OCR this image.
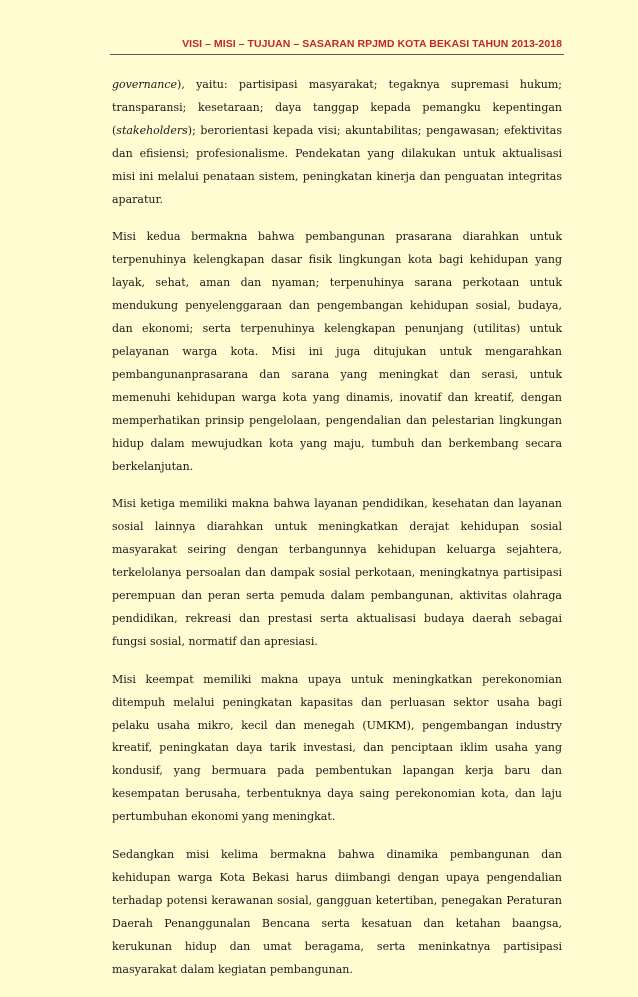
VISI – MISI – TUJUAN – SASARAN RPJMD KOTA BEKASI TAHUN 2013-2018

governance), yaitu: partisipasi masyarakat; tegaknya supremasi hukum; transparansi; kesetaraan; daya tanggap kepada pemangku kepentingan (stakeholders); berorientasi kepada visi; akuntabilitas; pengawasan; efektivitas dan efisiensi; profesionalisme. Pendekatan yang dilakukan untuk aktualisasi misi ini melalui penataan sistem, peningkatan kinerja dan penguatan integritas aparatur.

Misi kedua bermakna bahwa pembangunan prasarana diarahkan untuk terpenuhinya kelengkapan dasar fisik lingkungan kota bagi kehidupan yang layak, sehat, aman dan nyaman; terpenuhinya sarana perkotaan untuk mendukung penyelenggaraan dan pengembangan kehidupan sosial, budaya, dan ekonomi; serta terpenuhinya kelengkapan penunjang (utilitas) untuk pelayanan warga kota. Misi ini juga ditujukan untuk mengarahkan pembangunanprasarana dan sarana yang meningkat dan serasi, untuk memenuhi kehidupan warga kota yang dinamis, inovatif dan kreatif, dengan memperhatikan prinsip pengelolaan, pengendalian dan pelestarian lingkungan hidup dalam mewujudkan kota yang maju, tumbuh dan berkembang secara berkelanjutan.

Misi ketiga memiliki makna bahwa layanan pendidikan, kesehatan dan layanan sosial lainnya diarahkan untuk meningkatkan derajat kehidupan sosial masyarakat seiring dengan terbangunnya kehidupan keluarga sejahtera, terkelolanya persoalan dan dampak sosial perkotaan, meningkatnya partisipasi perempuan dan peran serta pemuda dalam pembangunan, aktivitas olahraga pendidikan, rekreasi dan prestasi serta aktualisasi budaya daerah sebagai fungsi sosial, normatif dan apresiasi.

Misi keempat memiliki makna upaya untuk meningkatkan perekonomian ditempuh melalui peningkatan kapasitas dan perluasan sektor usaha bagi pelaku usaha mikro, kecil dan menegah (UMKM), pengembangan industry kreatif, peningkatan daya tarik investasi, dan penciptaan iklim usaha yang kondusif, yang bermuara pada pembentukan lapangan kerja baru dan kesempatan berusaha, terbentuknya daya saing perekonomian kota, dan laju pertumbuhan ekonomi yang meningkat.

Sedangkan misi kelima bermakna bahwa dinamika pembangunan dan kehidupan warga Kota Bekasi harus diimbangi dengan upaya pengendalian terhadap potensi kerawanan sosial, gangguan ketertiban, penegakan Peraturan Daerah Penanggunalan Bencana serta kesatuan dan ketahan baangsa, kerukunan hidup dan umat beragama, serta meninkatnya partisipasi masyarakat dalam kegiatan pembangunan.
